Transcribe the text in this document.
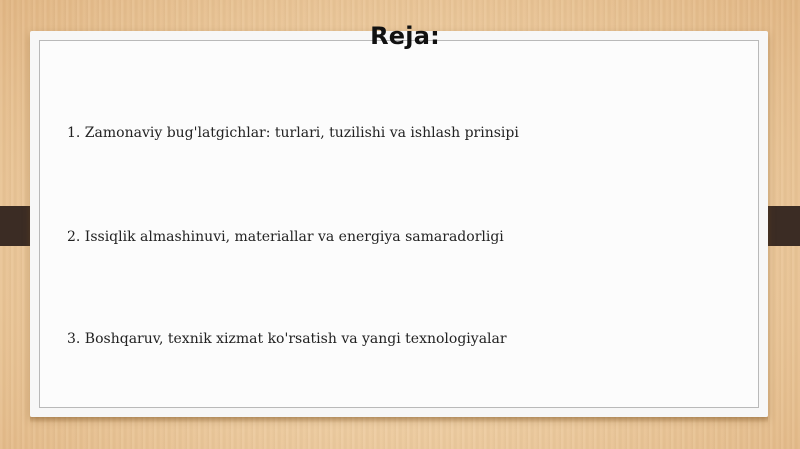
Reja:
1. Zamonaviy bug'latgichlar: turlari, tuzilishi va ishlash prinsipi
2. Issiqlik almashinuvi, materiallar va energiya samaradorligi
3. Boshqaruv, texnik xizmat ko'rsatish va yangi texnologiyalar
